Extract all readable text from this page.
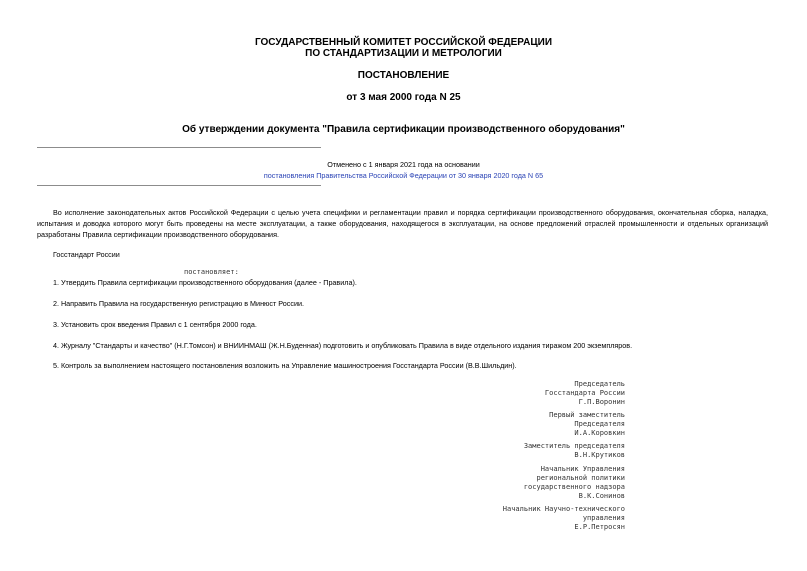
ГОСУДАРСТВЕННЫЙ КОМИТЕТ РОССИЙСКОЙ ФЕДЕРАЦИИ
ПО СТАНДАРТИЗАЦИИ И МЕТРОЛОГИИ
ПОСТАНОВЛЕНИЕ
от 3 мая 2000 года N 25
Об утверждении документа "Правила сертификации производственного оборудования"
Отменено с 1 января 2021 года на основании
постановления Правительства Российской Федерации от 30 января 2020 года N 65
Во исполнение законодательных актов Российской Федерации с целью учета специфики и регламентации правил и порядка сертификации производственного оборудования, окончательная сборка, наладка, испытания и доводка которого могут быть проведены на месте эксплуатации, а также оборудования, находящегося в эксплуатации, на основе предложений отраслей промышленности и отдельных организаций разработаны Правила сертификации производственного оборудования.
Госстандарт России
постановляет:
1. Утвердить Правила сертификации производственного оборудования (далее - Правила).
2. Направить Правила на государственную регистрацию в Минюст России.
3. Установить срок введения Правил с 1 сентября 2000 года.
4. Журналу "Стандарты и качество" (Н.Г.Томсон) и ВНИИНМАШ (Ж.Н.Буденная) подготовить и опубликовать Правила в виде отдельного издания тиражом 200 экземпляров.
5. Контроль за выполнением настоящего постановления возложить на Управление машиностроения Госстандарта России (В.В.Шильдин).
Председатель
Госстандарта России
Г.П.Воронин
Первый заместитель
Председателя
И.А.Коровкин
Заместитель председателя
В.Н.Крутиков
Начальник Управления
региональной политики
государственного надзора
В.К.Сонинов
Начальник Научно-технического
управления
Е.Р.Петросян
